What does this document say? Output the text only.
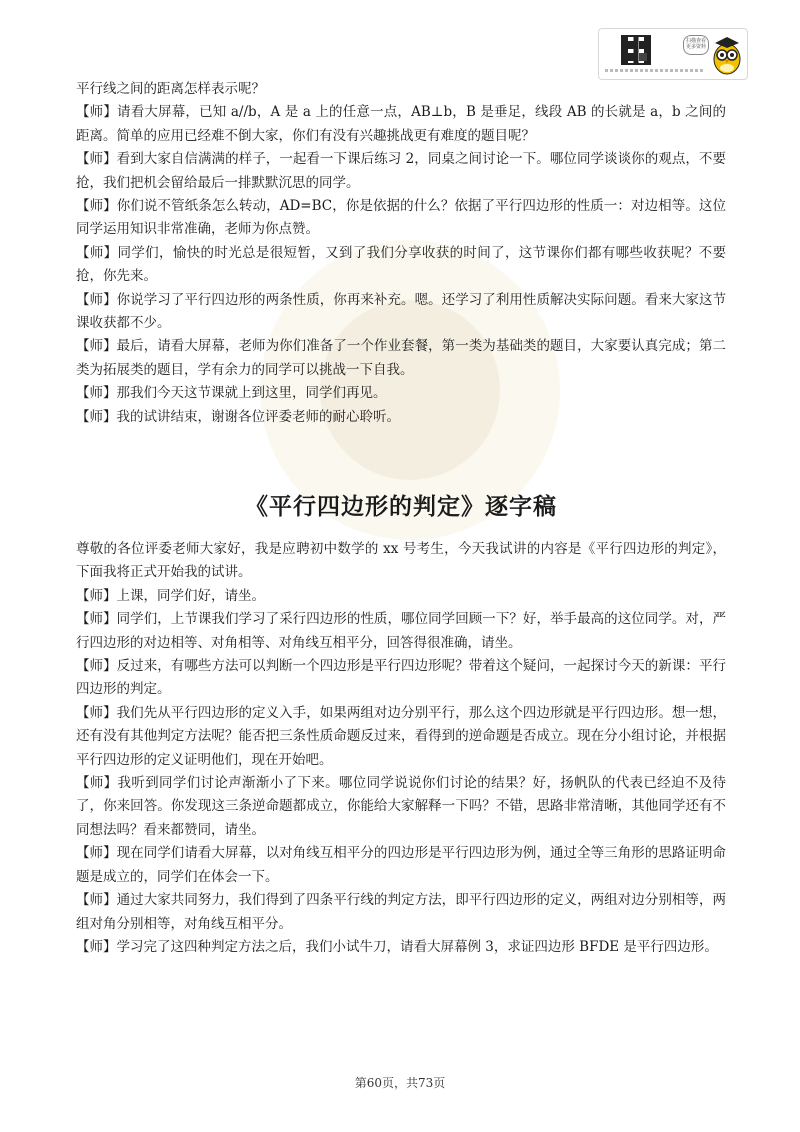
扫描查看更多资料

平行线之间的距离怎样表示呢？

【师】请看大屏幕，已知 a//b，A 是 a 上的任意一点，AB⊥b，B 是垂足，线段 AB 的长就是 a，b 之间的距离。简单的应用已经难不倒大家，你们有没有兴趣挑战更有难度的题目呢？

【师】看到大家自信满满的样子，一起看一下课后练习 2，同桌之间讨论一下。哪位同学谈谈你的观点，不要抢，我们把机会留给最后一排默默沉思的同学。

【师】你们说不管纸条怎么转动，AD=BC，你是依据的什么？依据了平行四边形的性质一：对边相等。这位同学运用知识非常准确，老师为你点赞。

【师】同学们，愉快的时光总是很短暂，又到了我们分享收获的时间了，这节课你们都有哪些收获呢？不要抢，你先来。

【师】你说学习了平行四边形的两条性质，你再来补充。嗯。还学习了利用性质解决实际问题。看来大家这节课收获都不少。

【师】最后，请看大屏幕，老师为你们准备了一个作业套餐，第一类为基础类的题目，大家要认真完成；第二类为拓展类的题目，学有余力的同学可以挑战一下自我。

【师】那我们今天这节课就上到这里，同学们再见。

【师】我的试讲结束，谢谢各位评委老师的耐心聆听。

《平行四边形的判定》逐字稿

尊敬的各位评委老师大家好，我是应聘初中数学的 xx 号考生，今天我试讲的内容是《平行四边形的判定》，下面我将正式开始我的试讲。

【师】上课，同学们好，请坐。

【师】同学们，上节课我们学习了采行四边形的性质，哪位同学回顾一下？好，举手最高的这位同学。对，严行四边形的对边相等、对角相等、对角线互相平分，回答得很准确，请坐。

【师】反过来，有哪些方法可以判断一个四边形是平行四边形呢？带着这个疑问，一起探讨今天的新课：平行四边形的判定。

【师】我们先从平行四边形的定义入手，如果两组对边分别平行，那么这个四边形就是平行四边形。想一想，还有没有其他判定方法呢？能否把三条性质命题反过来，看得到的逆命题是否成立。现在分小组讨论，并根据平行四边形的定义证明他们，现在开始吧。

【师】我听到同学们讨论声渐渐小了下来。哪位同学说说你们讨论的结果？好，扬帆队的代表已经迫不及待了，你来回答。你发现这三条逆命题都成立，你能给大家解释一下吗？不错，思路非常清晰，其他同学还有不同想法吗？看来都赞同，请坐。

【师】现在同学们请看大屏幕，以对角线互相平分的四边形是平行四边形为例，通过全等三角形的思路证明命题是成立的，同学们在体会一下。

【师】通过大家共同努力，我们得到了四条平行线的判定方法，即平行四边形的定义，两组对边分别相等，两组对角分别相等，对角线互相平分。

【师】学习完了这四种判定方法之后，我们小试牛刀，请看大屏幕例 3，求证四边形 BFDE 是平行四边形。

第60页，共73页
